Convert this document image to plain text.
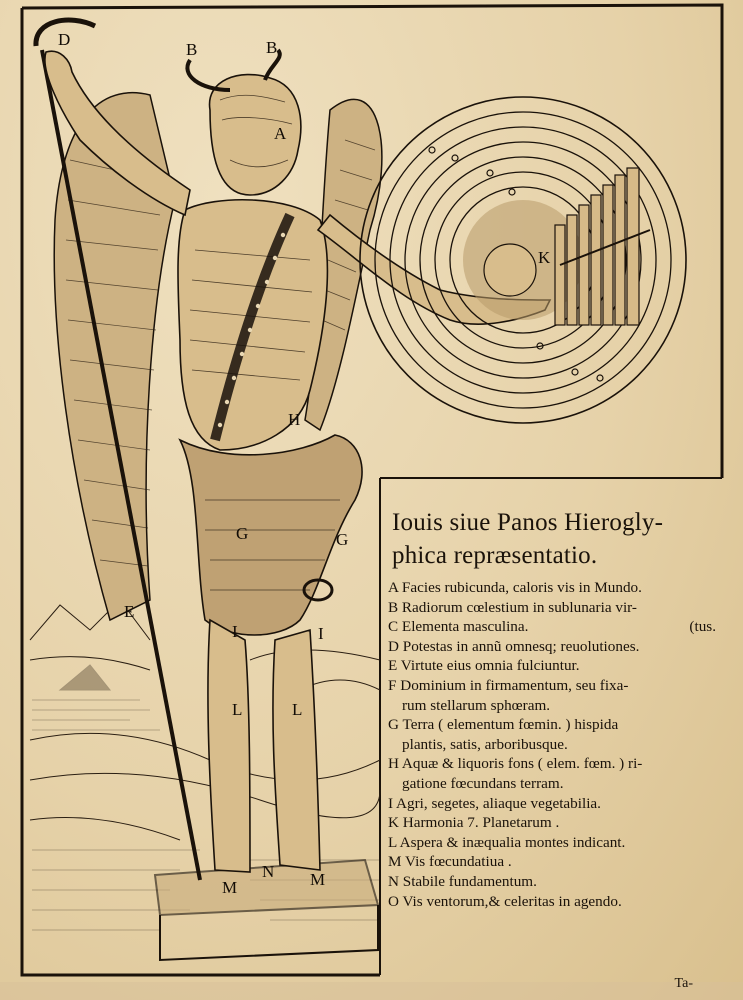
D
B	B
A
K
H
G	G
I	I
E
L	L
M
N M
Iouis siue Panos Hierogly-
phica repræsentatio.
A Facies rubicunda, caloris vis in Mundo.
B Radiorum cœlestium in sublunaria vir-
C Elementa masculina.	(tus.
D Potestas in annũ omnesq; reuolutiones.
E Virtute eius omnia fulciuntur.
F Dominium in firmamentum, seu fixa-
rum stellarum sphœram.
G Terra ( elementum fœmin. ) hispida
plantis, satis, arboribusque.
H Aquæ & liquoris fons ( elem. fœm. ) ri-
gatione fœcundans terram.
I Agri, segetes, aliaque vegetabilia.
K Harmonia 7. Planetarum .
L Aspera & inæqualia montes indicant.
M Vis fœcundatiua .
N Stabile fundamentum.
O Vis ventorum,& celeritas in agendo.
Ta-
